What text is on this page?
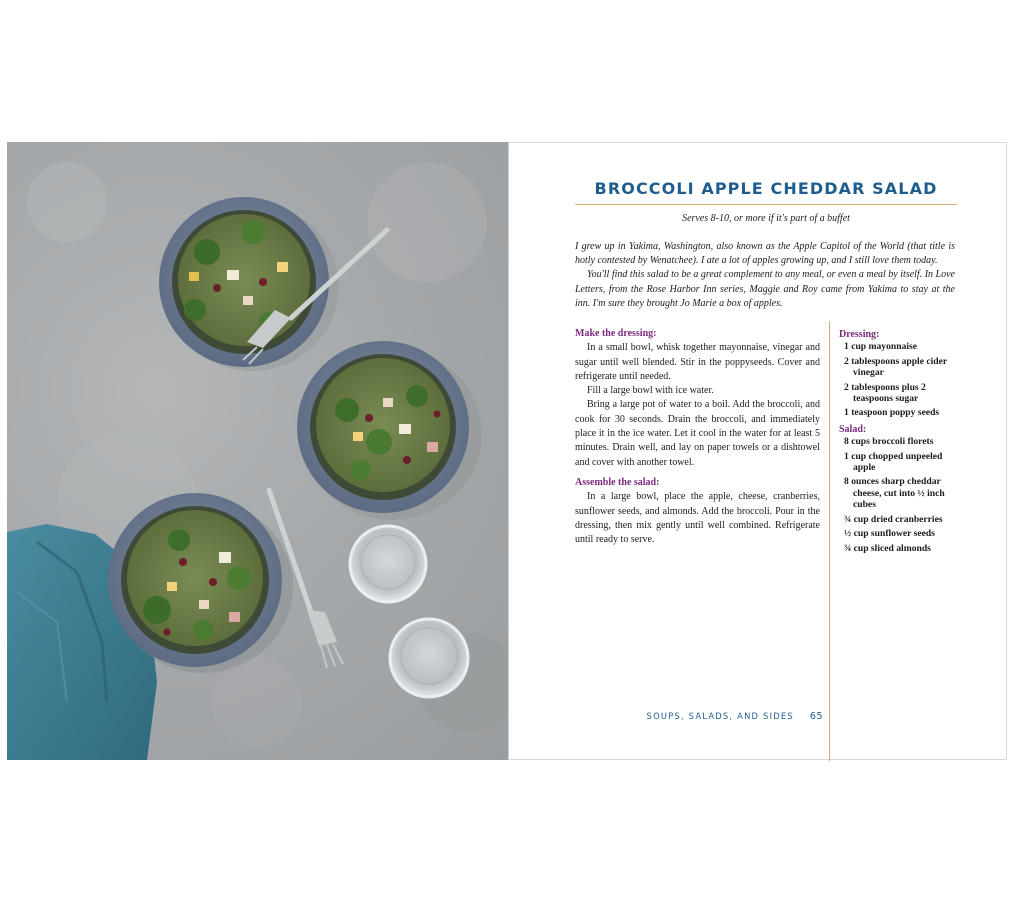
BROCCOLI APPLE CHEDDAR SALAD

Serves 8-10, or more if it's part of a buffet

I grew up in Yakima, Washington, also known as the Apple Capitol of the World (that title is hotly contested by Wenatchee). I ate a lot of apples growing up, and I still love them today.

You'll find this salad to be a great complement to any meal, or even a meal by itself. In Love Letters, from the Rose Harbor Inn series, Maggie and Roy came from Yakima to stay at the inn. I'm sure they brought Jo Marie a box of apples.

Make the dressing:

In a small bowl, whisk together mayonnaise, vinegar and sugar until well blended. Stir in the poppyseeds. Cover and refrigerate until needed.

Fill a large bowl with ice water.

Bring a large pot of water to a boil. Add the broccoli, and cook for 30 seconds. Drain the broccoli, and immediately place it in the ice water. Let it cool in the water for at least 5 minutes. Drain well, and lay on paper towels or a dishtowel and cover with another towel.

Assemble the salad:

In a large bowl, place the apple, cheese, cranberries, sunflower seeds, and almonds. Add the broccoli. Pour in the dressing, then mix gently until well combined. Refrigerate until ready to serve.

Dressing:

1 cup mayonnaise
2 tablespoons apple cider vinegar
2 tablespoons plus 2 teaspoons sugar
1 teaspoon poppy seeds

Salad:

8 cups broccoli florets
1 cup chopped unpeeled apple
8 ounces sharp cheddar cheese, cut into ½ inch cubes
¾ cup dried cranberries
½ cup sunflower seeds
¾ cup sliced almonds

SOUPS, SALADS, AND SIDES 65
